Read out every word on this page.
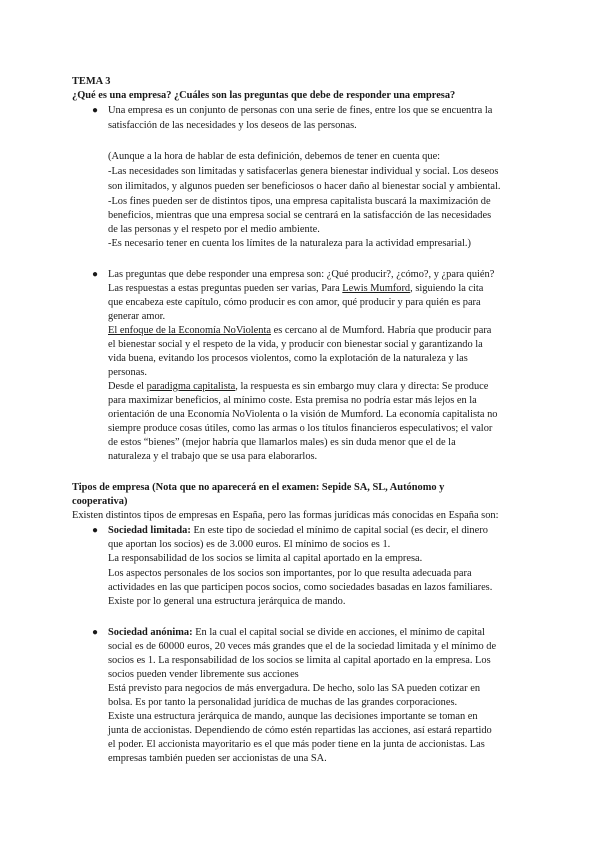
TEMA 3
¿Qué es una empresa? ¿Cuáles son las preguntas que debe de responder una empresa?
● Una empresa es un conjunto de personas con una serie de fines, entre los que se encuentra la
satisfacción de las necesidades y los deseos de las personas.
(Aunque a la hora de hablar de esta definición, debemos de tener en cuenta que:
-Las necesidades son limitadas y satisfacerlas genera bienestar individual y social. Los deseos
son ilimitados, y algunos pueden ser beneficiosos o hacer daño al bienestar social y ambiental.
-Los fines pueden ser de distintos tipos, una empresa capitalista buscará la maximización de
beneficios, mientras que una empresa social se centrará en la satisfacción de las necesidades
de las personas y el respeto por el medio ambiente.
-Es necesario tener en cuenta los límites de la naturaleza para la actividad empresarial.)
● Las preguntas que debe responder una empresa son: ¿Qué producir?, ¿cómo?, y ¿para quién?
Las respuestas a estas preguntas pueden ser varias, Para Lewis Mumford, siguiendo la cita
que encabeza este capítulo, cómo producir es con amor, qué producir y para quién es para
generar amor.
El enfoque de la Economía NoViolenta es cercano al de Mumford. Habría que producir para
el bienestar social y el respeto de la vida, y producir con bienestar social y garantizando la
vida buena, evitando los procesos violentos, como la explotación de la naturaleza y las
personas.
Desde el paradigma capitalista, la respuesta es sin embargo muy clara y directa: Se produce
para maximizar beneficios, al mínimo coste. Esta premisa no podría estar más lejos en la
orientación de una Economía NoViolenta o la visión de Mumford. La economía capitalista no
siempre produce cosas útiles, como las armas o los títulos financieros especulativos; el valor
de estos “bienes” (mejor habría que llamarlos males) es sin duda menor que el de la
naturaleza y el trabajo que se usa para elaborarlos.
Tipos de empresa (Nota que no aparecerá en el examen: Sepide SA, SL, Autónomo y
cooperativa)
Existen distintos tipos de empresas en España, pero las formas jurídicas más conocidas en España son:
● Sociedad limitada: En este tipo de sociedad el mínimo de capital social (es decir, el dinero
que aportan los socios) es de 3.000 euros. El mínimo de socios es 1.
La responsabilidad de los socios se limita al capital aportado en la empresa.
Los aspectos personales de los socios son importantes, por lo que resulta adecuada para
actividades en las que participen pocos socios, como sociedades basadas en lazos familiares.
Existe por lo general una estructura jerárquica de mando.
● Sociedad anónima: En la cual el capital social se divide en acciones, el mínimo de capital
social es de 60000 euros, 20 veces más grandes que el de la sociedad limitada y el mínimo de
socios es 1. La responsabilidad de los socios se limita al capital aportado en la empresa. Los
socios pueden vender libremente sus acciones
Está previsto para negocios de más envergadura. De hecho, solo las SA pueden cotizar en
bolsa. Es por tanto la personalidad jurídica de muchas de las grandes corporaciones.
Existe una estructura jerárquica de mando, aunque las decisiones importante se toman en
junta de accionistas. Dependiendo de cómo estén repartidas las acciones, así estará repartido
el poder. El accionista mayoritario es el que más poder tiene en la junta de accionistas. Las
empresas también pueden ser accionistas de una SA.
